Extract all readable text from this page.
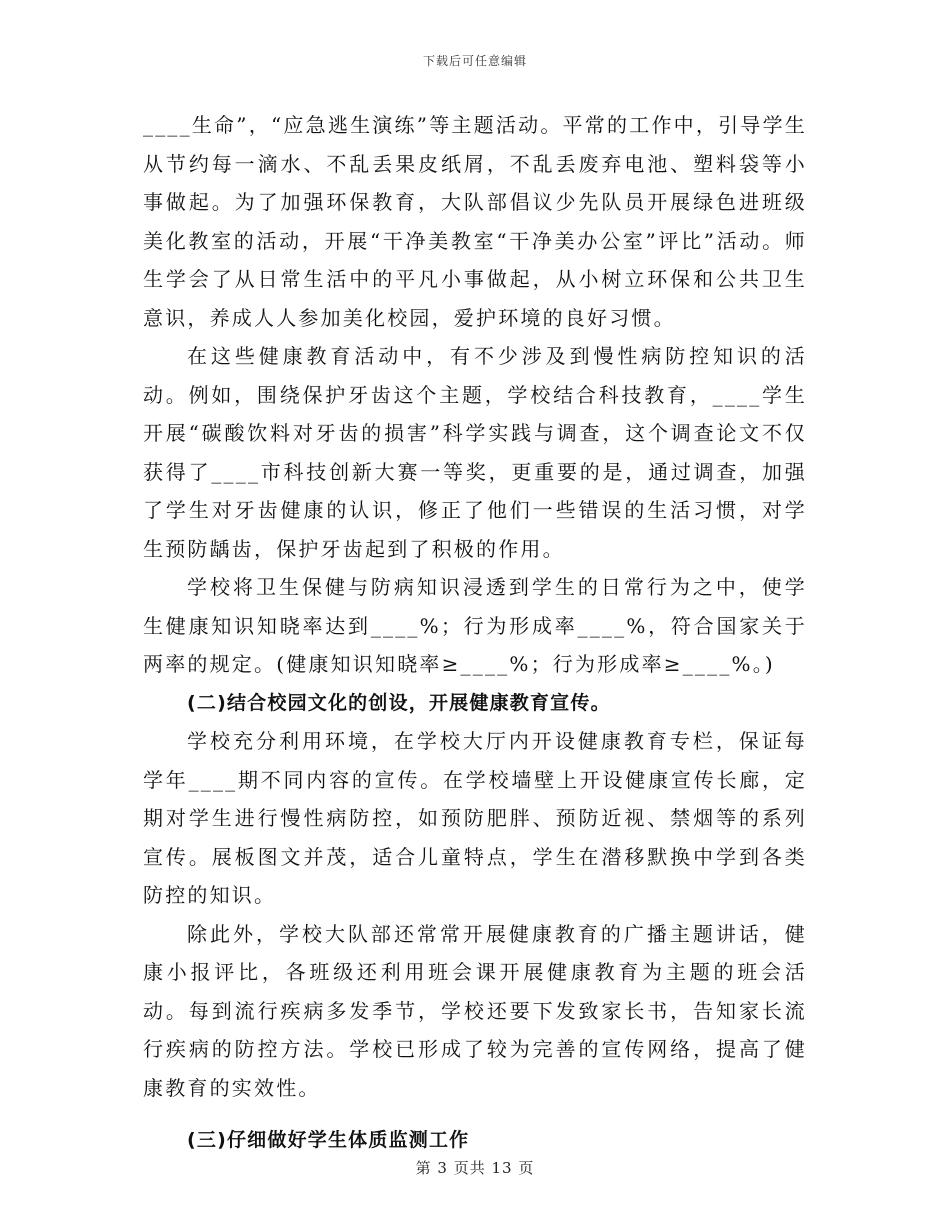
下载后可任意编辑

____生命”，“应急逃生演练”等主题活动。平常的工作中，引导学生从节约每一滴水、不乱丢果皮纸屑，不乱丢废弃电池、塑料袋等小事做起。为了加强环保教育，大队部倡议少先队员开展绿色进班级美化教室的活动，开展“干净美教室“干净美办公室”评比”活动。师生学会了从日常生活中的平凡小事做起，从小树立环保和公共卫生意识，养成人人参加美化校园，爱护环境的良好习惯。

在这些健康教育活动中，有不少涉及到慢性病防控知识的活动。例如，围绕保护牙齿这个主题，学校结合科技教育，____学生开展“碳酸饮料对牙齿的损害”科学实践与调查，这个调查论文不仅获得了____市科技创新大赛一等奖，更重要的是，通过调查，加强了学生对牙齿健康的认识，修正了他们一些错误的生活习惯，对学生预防龋齿，保护牙齿起到了积极的作用。

学校将卫生保健与防病知识浸透到学生的日常行为之中，使学生健康知识知晓率达到____%；行为形成率____%，符合国家关于两率的规定。(健康知识知晓率≥____%；行为形成率≥____%。)

(二)结合校园文化的创设，开展健康教育宣传。

学校充分利用环境，在学校大厅内开设健康教育专栏，保证每学年____期不同内容的宣传。在学校墙壁上开设健康宣传长廊，定期对学生进行慢性病防控，如预防肥胖、预防近视、禁烟等的系列宣传。展板图文并茂，适合儿童特点，学生在潜移默换中学到各类防控的知识。

除此外，学校大队部还常常开展健康教育的广播主题讲话，健康小报评比，各班级还利用班会课开展健康教育为主题的班会活动。每到流行疾病多发季节，学校还要下发致家长书，告知家长流行疾病的防控方法。学校已形成了较为完善的宣传网络，提高了健康教育的实效性。

(三)仔细做好学生体质监测工作

第 3 页共 13 页
